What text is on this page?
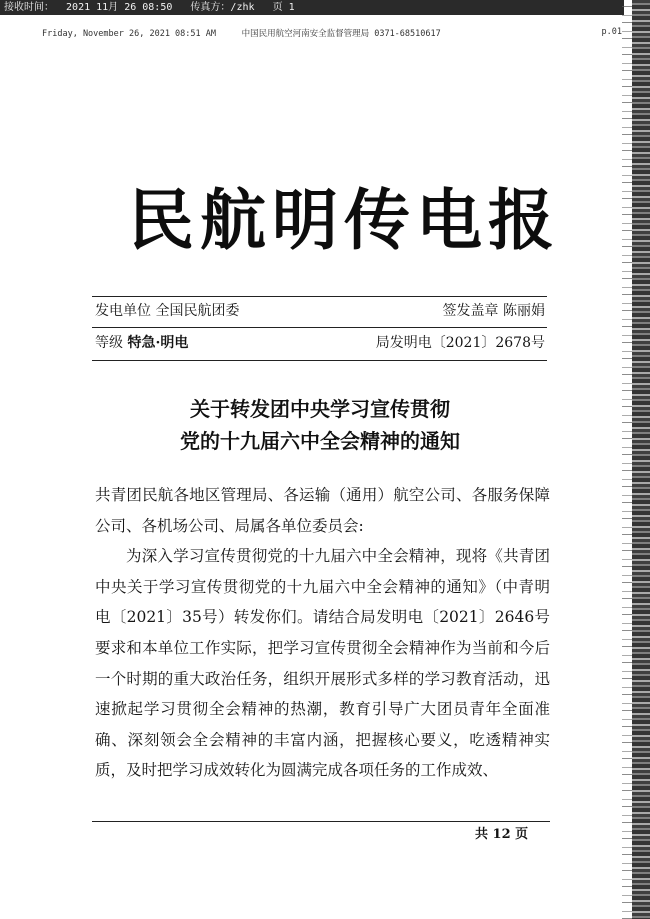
接收时间：  2021 11月 26 08:50   传真方：/zhk   页 1
Friday, November 26, 2021 08:51 AM	中国民用航空河南安全监督管理局 0371-68510617	p.01
民航明传电报
发电单位 全国民航团委	签发盖章 陈丽娟
等级 特急·明电	局发明电〔2021〕2678号
关于转发团中央学习宣传贯彻
党的十九届六中全会精神的通知

共青团民航各地区管理局、各运输（通用）航空公司、各服务保障公司、各机场公司、局属各单位委员会:

为深入学习宣传贯彻党的十九届六中全会精神，现将《共青团中央关于学习宣传贯彻党的十九届六中全会精神的通知》（中青明电〔2021〕35号）转发你们。请结合局发明电〔2021〕2646号要求和本单位工作实际，把学习宣传贯彻全会精神作为当前和今后一个时期的重大政治任务，组织开展形式多样的学习教育活动，迅速掀起学习贯彻全会精神的热潮，教育引导广大团员青年全面准确、深刻领会全会精神的丰富内涵，把握核心要义，吃透精神实质，及时把学习成效转化为圆满完成各项任务的工作成效、

共 12 页
